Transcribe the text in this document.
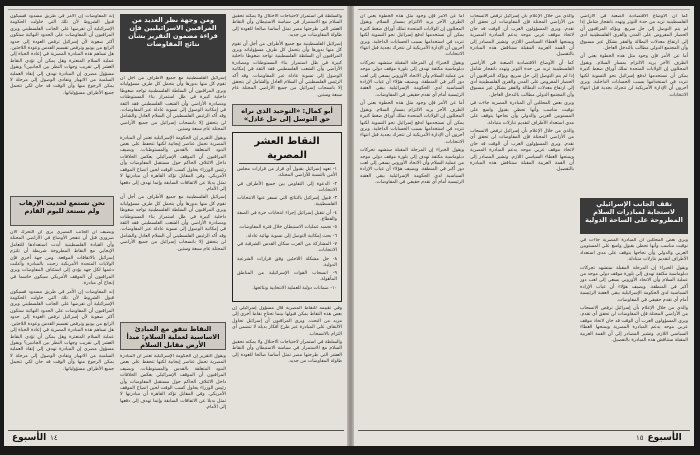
إنه المفاوضات إن الأمر في طريق مسدود فسيكون قبول الشروط لأن تلك التي حاولت الحكومة الإسرائيلية أن تفرضها على الجانب الفلسطيني ويرى المراقبون أن المفاوضات على الحدود النهائية ستكون أكثر صعوبة لأن إسرائيل ترفض العودة إلى حدود الرابع من يونيو وترفض تقسيم القدس وعودة اللاجئين. هل تساهم هذه المبادرة المصرية في إعادة الحياة إلى عملية السلام المتعثرة وهل يمكن أن تؤدي النقاط العشر إلى تقريب وجهات النظر بين الجانبين؟ ويقول مسؤول مصري إن المبادرة تهدف إلى إنقاذ العملية السلمية من الانهيار وتفادي الوصول إلى مرحلة لا يمكن الرجوع منها وأن الوقت قد حان لكي تتحمل جميع الأطراف مسؤولياتها.

نحن نستمع لحديث الإرهاب ولم نستعد لليوم القادم

ويضيف أن الجانب المصري يرى أن التحرك الآن ضروري قبل أن تنفجر الأوضاع في الأراضي المحتلة وأن القيادة الفلسطينية أبدت استعدادها للتعامل الإيجابي مع النقاط المطروحة شريطة أن تلتزم إسرائيل بالاتفاقات الموقعة. ومن جهة أخرى فإن الولايات المتحدة الأمريكية رحبت بالمبادرة وأعلنت دعمها لكل جهد يؤدي إلى استئناف المفاوضات ويرى المراقبون أن الموقف الأمريكي سيكون حاسما في إنجاح أي مبادرة.

إنه المفاوضات إن الأمر في طريق مسدود فسيكون قبول الشروط لأن تلك التي حاولت الحكومة الإسرائيلية أن تفرضها على الجانب الفلسطيني ويرى المراقبون أن المفاوضات على الحدود النهائية ستكون أكثر صعوبة لأن إسرائيل ترفض العودة إلى حدود الرابع من يونيو وترفض تقسيم القدس وعودة اللاجئين. هل تساهم هذه المبادرة المصرية في إعادة الحياة إلى عملية السلام المتعثرة وهل يمكن أن تؤدي النقاط العشر إلى تقريب وجهات النظر بين الجانبين؟ ويقول مسؤول مصري إن المبادرة تهدف إلى إنقاذ العملية السلمية من الانهيار وتفادي الوصول إلى مرحلة لا يمكن الرجوع منها وأن الوقت قد حان لكي تتحمل جميع الأطراف مسؤولياتها.

ومن وجهة نظر العديد من المراقبين الاسرائيليين فإن قراءة مضمون التقرير بشأن نتائج المفاوضات

إسرائيل الفلسطينية مع جميع الأطراف من أجل أن تقوم كل منها بدورها وأن يتحمل كل طرف مسؤولياته ويرى المراقبون أن السلطة الفلسطينية تواجه ضغوطا داخلية كبيرة في ظل استمرار بناء المستوطنات ومصادرة الأراضي وأن الشعب الفلسطيني فقد الثقة في إمكانية الوصول إلى تسوية عادلة عبر المفاوضات. وقد أكد الرئيس الفلسطيني أن السلام العادل والشامل لن يتحقق إلا بانسحاب إسرائيل من جميع الأراضي المحتلة عام سبعة وستين.

ويقول التقرير إن الحكومة الإسرائيلية تعتبر أن المبادرة المصرية تحمل عناصر إيجابية لكنها تتحفظ على بعض البنود المتعلقة بالقدس والمستوطنات. ويضيف المراقبون أن الموقف الإسرائيلي يعكس الخلافات داخل الائتلاف الحاكم حول مستقبل المفاوضات وأن رئيس الوزراء يحاول كسب الوقت لحين اتضاح الموقف الأمريكي. وفي المقابل تؤكد القاهرة أن مبادرتها لا تمثل بديلا عن الاتفاقات السابقة وإنما تهدف إلى دفعها إلى الأمام.

إسرائيل الفلسطينية مع جميع الأطراف من أجل أن تقوم كل منها بدورها وأن يتحمل كل طرف مسؤولياته ويرى المراقبون أن السلطة الفلسطينية تواجه ضغوطا داخلية كبيرة في ظل استمرار بناء المستوطنات ومصادرة الأراضي وأن الشعب الفلسطيني فقد الثقة في إمكانية الوصول إلى تسوية عادلة عبر المفاوضات. وقد أكد الرئيس الفلسطيني أن السلام العادل والشامل لن يتحقق إلا بانسحاب إسرائيل من جميع الأراضي المحتلة عام سبعة وستين.

النقاط تتفق مع المبادئ الاساسية لعملية السلام: مبدأ الأرض مقابل السلام

ويقول التقرير إن الحكومة الإسرائيلية تعتبر أن المبادرة المصرية تحمل عناصر إيجابية لكنها تتحفظ على بعض البنود المتعلقة بالقدس والمستوطنات. ويضيف المراقبون أن الموقف الإسرائيلي يعكس الخلافات داخل الائتلاف الحاكم حول مستقبل المفاوضات وأن رئيس الوزراء يحاول كسب الوقت لحين اتضاح الموقف الأمريكي. وفي المقابل تؤكد القاهرة أن مبادرتها لا تمثل بديلا عن الاتفاقات السابقة وإنما تهدف إلى دفعها إلى الأمام.

والسلطة في استمرار لاحتياجات الاحتلال ولا يمكنه تحقيق السلام مع الاستمرار في سياسة الاستيطان وأن النقاط العشر التي طرحتها مصر تمثل أساسا صالحا للعودة إلى طاولة المفاوضات من جديد.

إسرائيل الفلسطينية مع جميع الأطراف من أجل أن تقوم كل منها بدورها وأن يتحمل كل طرف مسؤولياته ويرى المراقبون أن السلطة الفلسطينية تواجه ضغوطا داخلية كبيرة في ظل استمرار بناء المستوطنات ومصادرة الأراضي وأن الشعب الفلسطيني فقد الثقة في إمكانية الوصول إلى تسوية عادلة عبر المفاوضات. وقد أكد الرئيس الفلسطيني أن السلام العادل والشامل لن يتحقق إلا بانسحاب إسرائيل من جميع الأراضي المحتلة عام سبعة وستين.

أبو كمال: «التوحيد الذى نراه حق التوسل إلى حل عادل»
النقاط العشر المصرية
١- تعهد إسرائيل بقبول أي قرار من قرارات مجلس الأمن بالنسبة للأراضي المحتلة.
٢- الدعوة إلى التفاوض بين جميع الأطراف في الانتخابات.
٣- قبول إسرائيل بالنتائج التي تسفر عنها الانتخابات الفلسطينية.
٤- أن تتقبل إسرائيل إجراء انتخابات حرة في الضفة والقطاع.
٥- تجميد عمليات الاستيطان خلال فترة المفاوضات.
٦- بحث إمكانية التوصل إلى تسوية نهائية عادلة.
٧- المشاركة من العرب سكان القدس الشرقية في الانتخابات.
٨- حل مشكلة اللاجئين وفق قرارات الشرعية الدولية.
٩- انسحاب القوات الإسرائيلية من المناطق المأهولة.
١٠- ضمانات دولية للعملية الانتخابية ونتائجها.

وفي تقييمه للنقاط المصرية قال مسؤول إسرائيلي إن بعض هذه النقاط يمكن قبولها بينما تحتاج نقاط أخرى إلى مزيد من البحث. ويرى المراقبون أن إسرائيل تحاول الالتفاف على المبادرة عبر طرح أفكار بديلة لا تتضمن أي التزام بالانسحاب.

والسلطة في استمرار لاحتياجات الاحتلال ولا يمكنه تحقيق السلام مع الاستمرار في سياسة الاستيطان وأن النقاط العشر التي طرحتها مصر تمثل أساسا صالحا للعودة إلى طاولة المفاوضات من جديد.

الأسبوع ١٤

أما عن الأمر فإن وجود مثل هذه الخطوة يعني أن الطرف الآخر يريد الالتزام بمسار السلام. ويقول المحللون إن الولايات المتحدة تملك أوراق ضغط كثيرة يمكن أن تستخدمها لدفع إسرائيل نحو التسوية لكنها تتردد في استخدامها بسبب الحسابات الداخلية. ويرى آخرون أن الإدارة الأمريكية لن تتحرك بجدية قبل انتهاء الانتخابات.

ويقول الخبراء إن المرحلة المقبلة ستشهد تحركات دبلوماسية مكثفة تهدف إلى بلورة موقف دولي موحد من عملية السلام وأن الاتحاد الأوروبي يسعى إلى لعب دور أكبر في المنطقة. ويضيف هؤلاء أن غياب الإرادة السياسية لدى الحكومة الإسرائيلية يبقى العقبة الرئيسية أمام أي تقدم حقيقي في المفاوضات.

أما عن الأمر فإن وجود مثل هذه الخطوة يعني أن الطرف الآخر يريد الالتزام بمسار السلام. ويقول المحللون إن الولايات المتحدة تملك أوراق ضغط كثيرة يمكن أن تستخدمها لدفع إسرائيل نحو التسوية لكنها تتردد في استخدامها بسبب الحسابات الداخلية. ويرى آخرون أن الإدارة الأمريكية لن تتحرك بجدية قبل انتهاء الانتخابات.

ويقول الخبراء إن المرحلة المقبلة ستشهد تحركات دبلوماسية مكثفة تهدف إلى بلورة موقف دولي موحد من عملية السلام وأن الاتحاد الأوروبي يسعى إلى لعب دور أكبر في المنطقة. ويضيف هؤلاء أن غياب الإرادة السياسية لدى الحكومة الإسرائيلية يبقى العقبة الرئيسية أمام أي تقدم حقيقي في المفاوضات.

والذي من خلال الإعلام بأن إسرائيل ترفض الانسحاب من الأراضي المحتلة فإن المفاوضات لن تحقق أي تقدم. ويرى المسؤولون العرب أن الوقت قد حان لاتخاذ موقف عربي موحد يدعم المبادرة المصرية ويمنحها الغطاء السياسي اللازم. وتشير المصادر إلى أن القمة العربية المقبلة ستناقش هذه المبادرة بالتفصيل.

كما أن الأوضاع الاقتصادية الصعبة في الأراضي الفلسطينية تزيد من حدة التوتر وتهدد بانفجار شامل إذا لم يتم التوصل إلى حل سريع. ويؤكد المراقبون أن الحصار المفروض على المدن والقرى الفلسطينية أدى إلى ارتفاع معدلات البطالة والفقر بشكل غير مسبوق وأن المجتمع الدولي مطالب بالتدخل العاجل.

ويرى بعض المحللين أن المبادرة المصرية جاءت في توقيت مناسب وأنها تحظى بقبول واسع على المستويين العربي والدولي وأن نجاحها يتوقف على مدى استعداد الأطراف لتقديم تنازلات متبادلة.

والذي من خلال الإعلام بأن إسرائيل ترفض الانسحاب من الأراضي المحتلة فإن المفاوضات لن تحقق أي تقدم. ويرى المسؤولون العرب أن الوقت قد حان لاتخاذ موقف عربي موحد يدعم المبادرة المصرية ويمنحها الغطاء السياسي اللازم. وتشير المصادر إلى أن القمة العربية المقبلة ستناقش هذه المبادرة بالتفصيل.

كما أن الأوضاع الاقتصادية الصعبة في الأراضي الفلسطينية تزيد من حدة التوتر وتهدد بانفجار شامل إذا لم يتم التوصل إلى حل سريع. ويؤكد المراقبون أن الحصار المفروض على المدن والقرى الفلسطينية أدى إلى ارتفاع معدلات البطالة والفقر بشكل غير مسبوق وأن المجتمع الدولي مطالب بالتدخل العاجل.

أما عن الأمر فإن وجود مثل هذه الخطوة يعني أن الطرف الآخر يريد الالتزام بمسار السلام. ويقول المحللون إن الولايات المتحدة تملك أوراق ضغط كثيرة يمكن أن تستخدمها لدفع إسرائيل نحو التسوية لكنها تتردد في استخدامها بسبب الحسابات الداخلية. ويرى آخرون أن الإدارة الأمريكية لن تتحرك بجدية قبل انتهاء الانتخابات.

تقف الجانب الإسرائيلي لاستجابة لمبادرات السلام المطروحة على الساحة الدولية

ويرى بعض المحللين أن المبادرة المصرية جاءت في توقيت مناسب وأنها تحظى بقبول واسع على المستويين العربي والدولي وأن نجاحها يتوقف على مدى استعداد الأطراف لتقديم تنازلات متبادلة.

ويقول الخبراء إن المرحلة المقبلة ستشهد تحركات دبلوماسية مكثفة تهدف إلى بلورة موقف دولي موحد من عملية السلام وأن الاتحاد الأوروبي يسعى إلى لعب دور أكبر في المنطقة. ويضيف هؤلاء أن غياب الإرادة السياسية لدى الحكومة الإسرائيلية يبقى العقبة الرئيسية أمام أي تقدم حقيقي في المفاوضات.

والذي من خلال الإعلام بأن إسرائيل ترفض الانسحاب من الأراضي المحتلة فإن المفاوضات لن تحقق أي تقدم. ويرى المسؤولون العرب أن الوقت قد حان لاتخاذ موقف عربي موحد يدعم المبادرة المصرية ويمنحها الغطاء السياسي اللازم. وتشير المصادر إلى أن القمة العربية المقبلة ستناقش هذه المبادرة بالتفصيل.

١٥ الأسبوع
